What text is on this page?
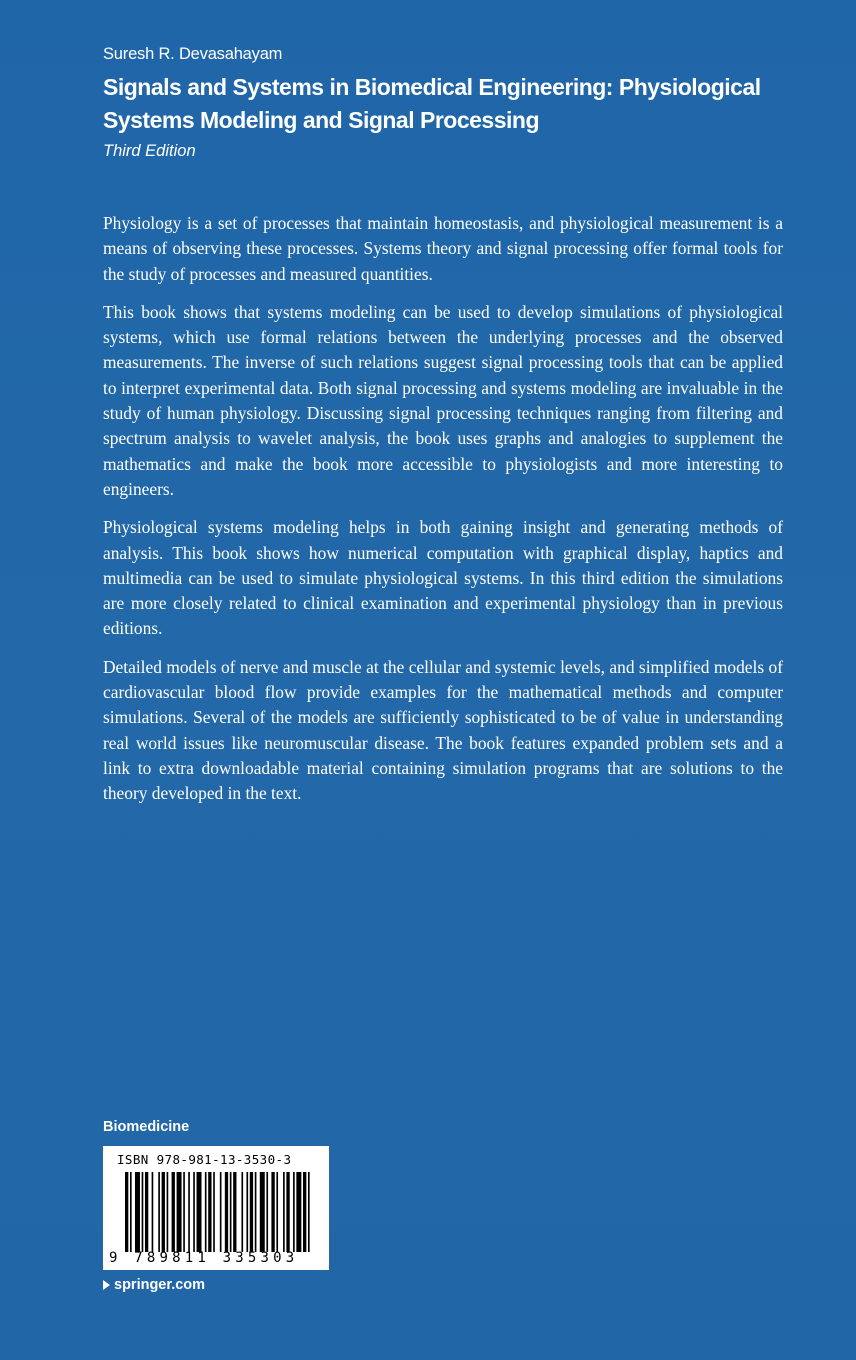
Suresh R. Devasahayam
Signals and Systems in Biomedical Engineering: Physiological Systems Modeling and Signal Processing
Third Edition

Physiology is a set of processes that maintain homeostasis, and physiological measurement is a means of observing these processes. Systems theory and signal processing offer formal tools for the study of processes and measured quantities.

This book shows that systems modeling can be used to develop simulations of physiological systems, which use formal relations between the underlying processes and the observed measurements. The inverse of such relations suggest signal processing tools that can be applied to interpret experimental data. Both signal processing and systems modeling are invaluable in the study of human physiology. Discussing signal processing techniques ranging from filtering and spectrum analysis to wavelet analysis, the book uses graphs and analogies to supplement the mathematics and make the book more accessible to physiologists and more interesting to engineers.

Physiological systems modeling helps in both gaining insight and generating methods of analysis. This book shows how numerical computation with graphical display, haptics and multimedia can be used to simulate physiological systems. In this third edition the simulations are more closely related to clinical examination and experimental physiology than in previous editions.

Detailed models of nerve and muscle at the cellular and systemic levels, and simplified models of cardiovascular blood flow provide examples for the mathematical methods and computer simulations. Several of the models are sufficiently sophisticated to be of value in understanding real world issues like neuromuscular disease. The book features expanded problem sets and a link to extra downloadable material containing simulation programs that are solutions to the theory developed in the text.

Biomedicine
ISBN 978-981-13-3530-3
9 789811 335303
springer.com
